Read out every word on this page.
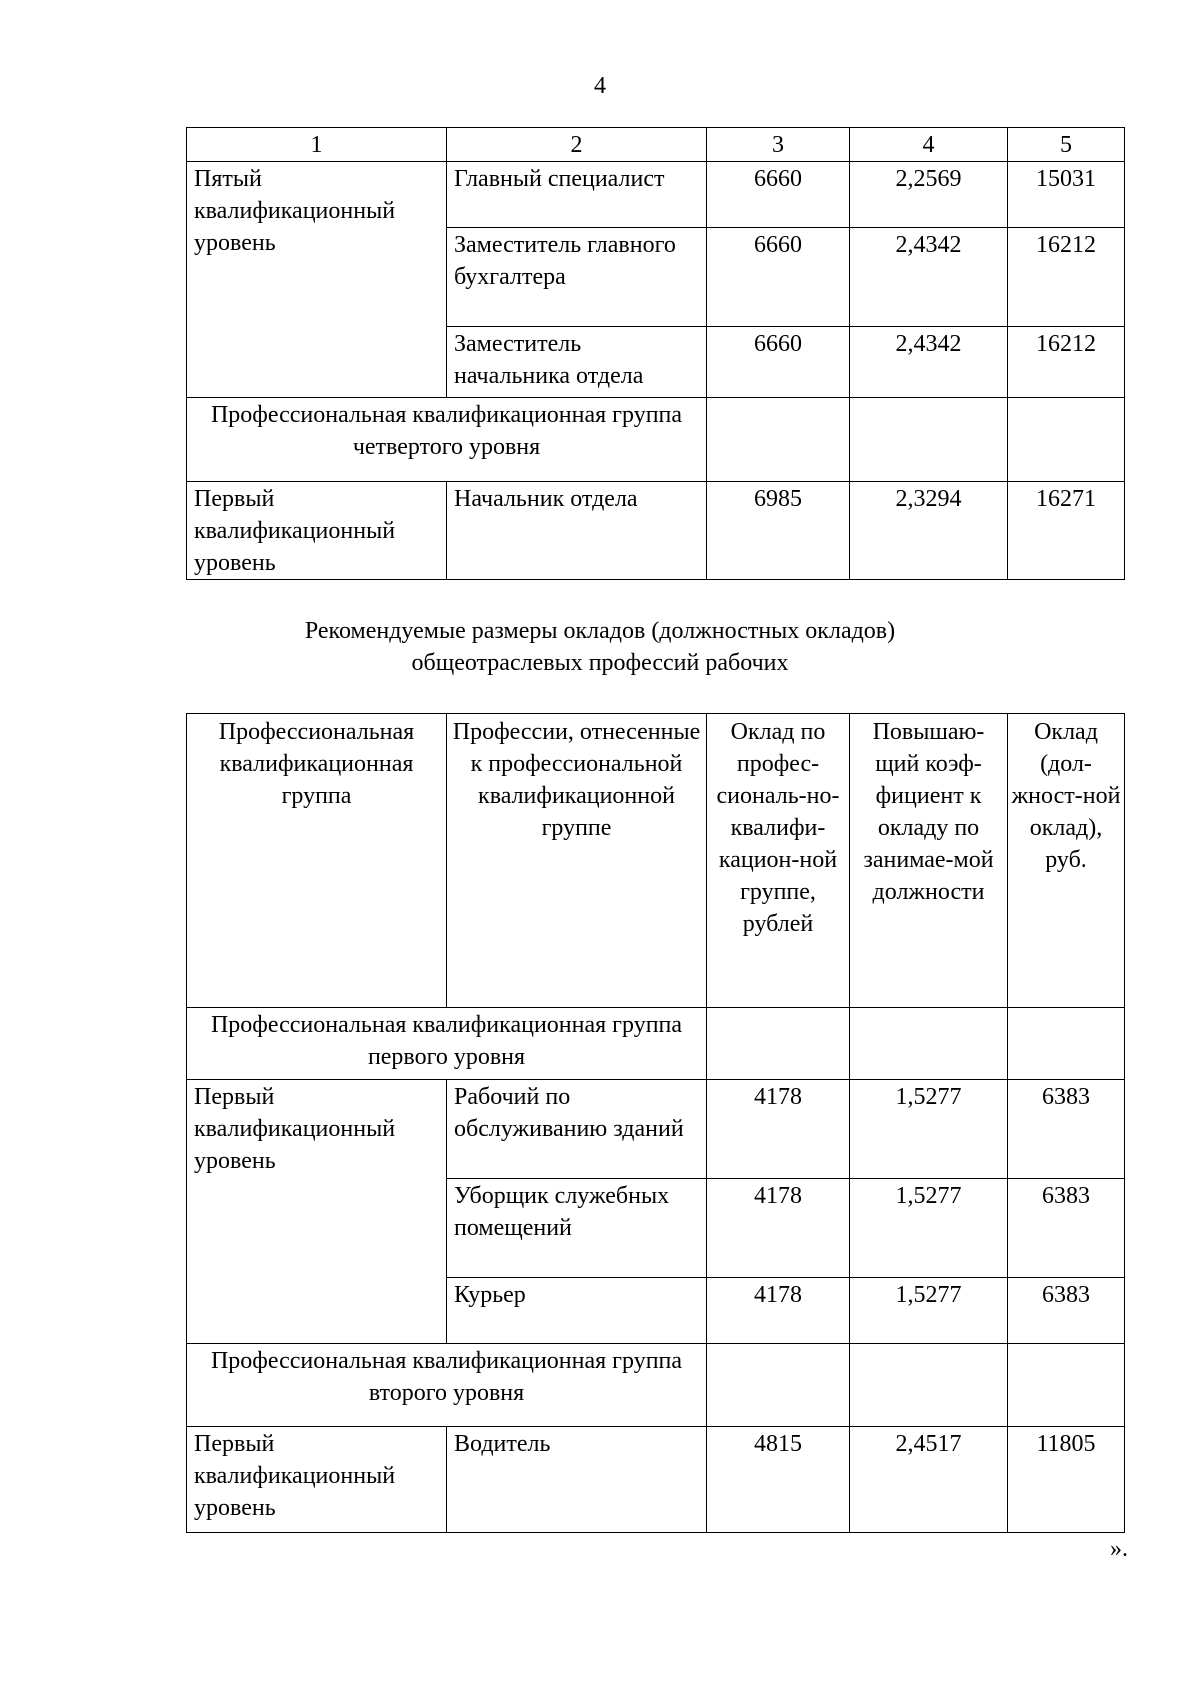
4
1	2	3	4	5
Пятый квалификационный уровень	Главный специалист	6660	2,2569	15031
	Заместитель главного бухгалтера	6660	2,4342	16212
	Заместитель начальника отдела	6660	2,4342	16212
Профессиональная квалификационная группа четвертого уровня				
Первый квалификационный уровень	Начальник отдела	6985	2,3294	16271
Рекомендуемые размеры окладов (должностных окладов) общеотраслевых профессий рабочих
Профессиональная квалификационная группа	Профессии, отнесенные к профессиональной квалификационной группе	Оклад по профес-сиональ-но-квалифи-кацион-ной группе, рублей	Повышаю-щий коэф-фициент к окладу по занимае-мой должности	Оклад (дол-жност-ной оклад), руб.
Профессиональная квалификационная группа первого уровня				
Первый квалификационный уровень	Рабочий по обслуживанию зданий	4178	1,5277	6383
	Уборщик служебных помещений	4178	1,5277	6383
	Курьер	4178	1,5277	6383
Профессиональная квалификационная группа второго уровня				
Первый квалификационный уровень	Водитель	4815	2,4517	11805
».
